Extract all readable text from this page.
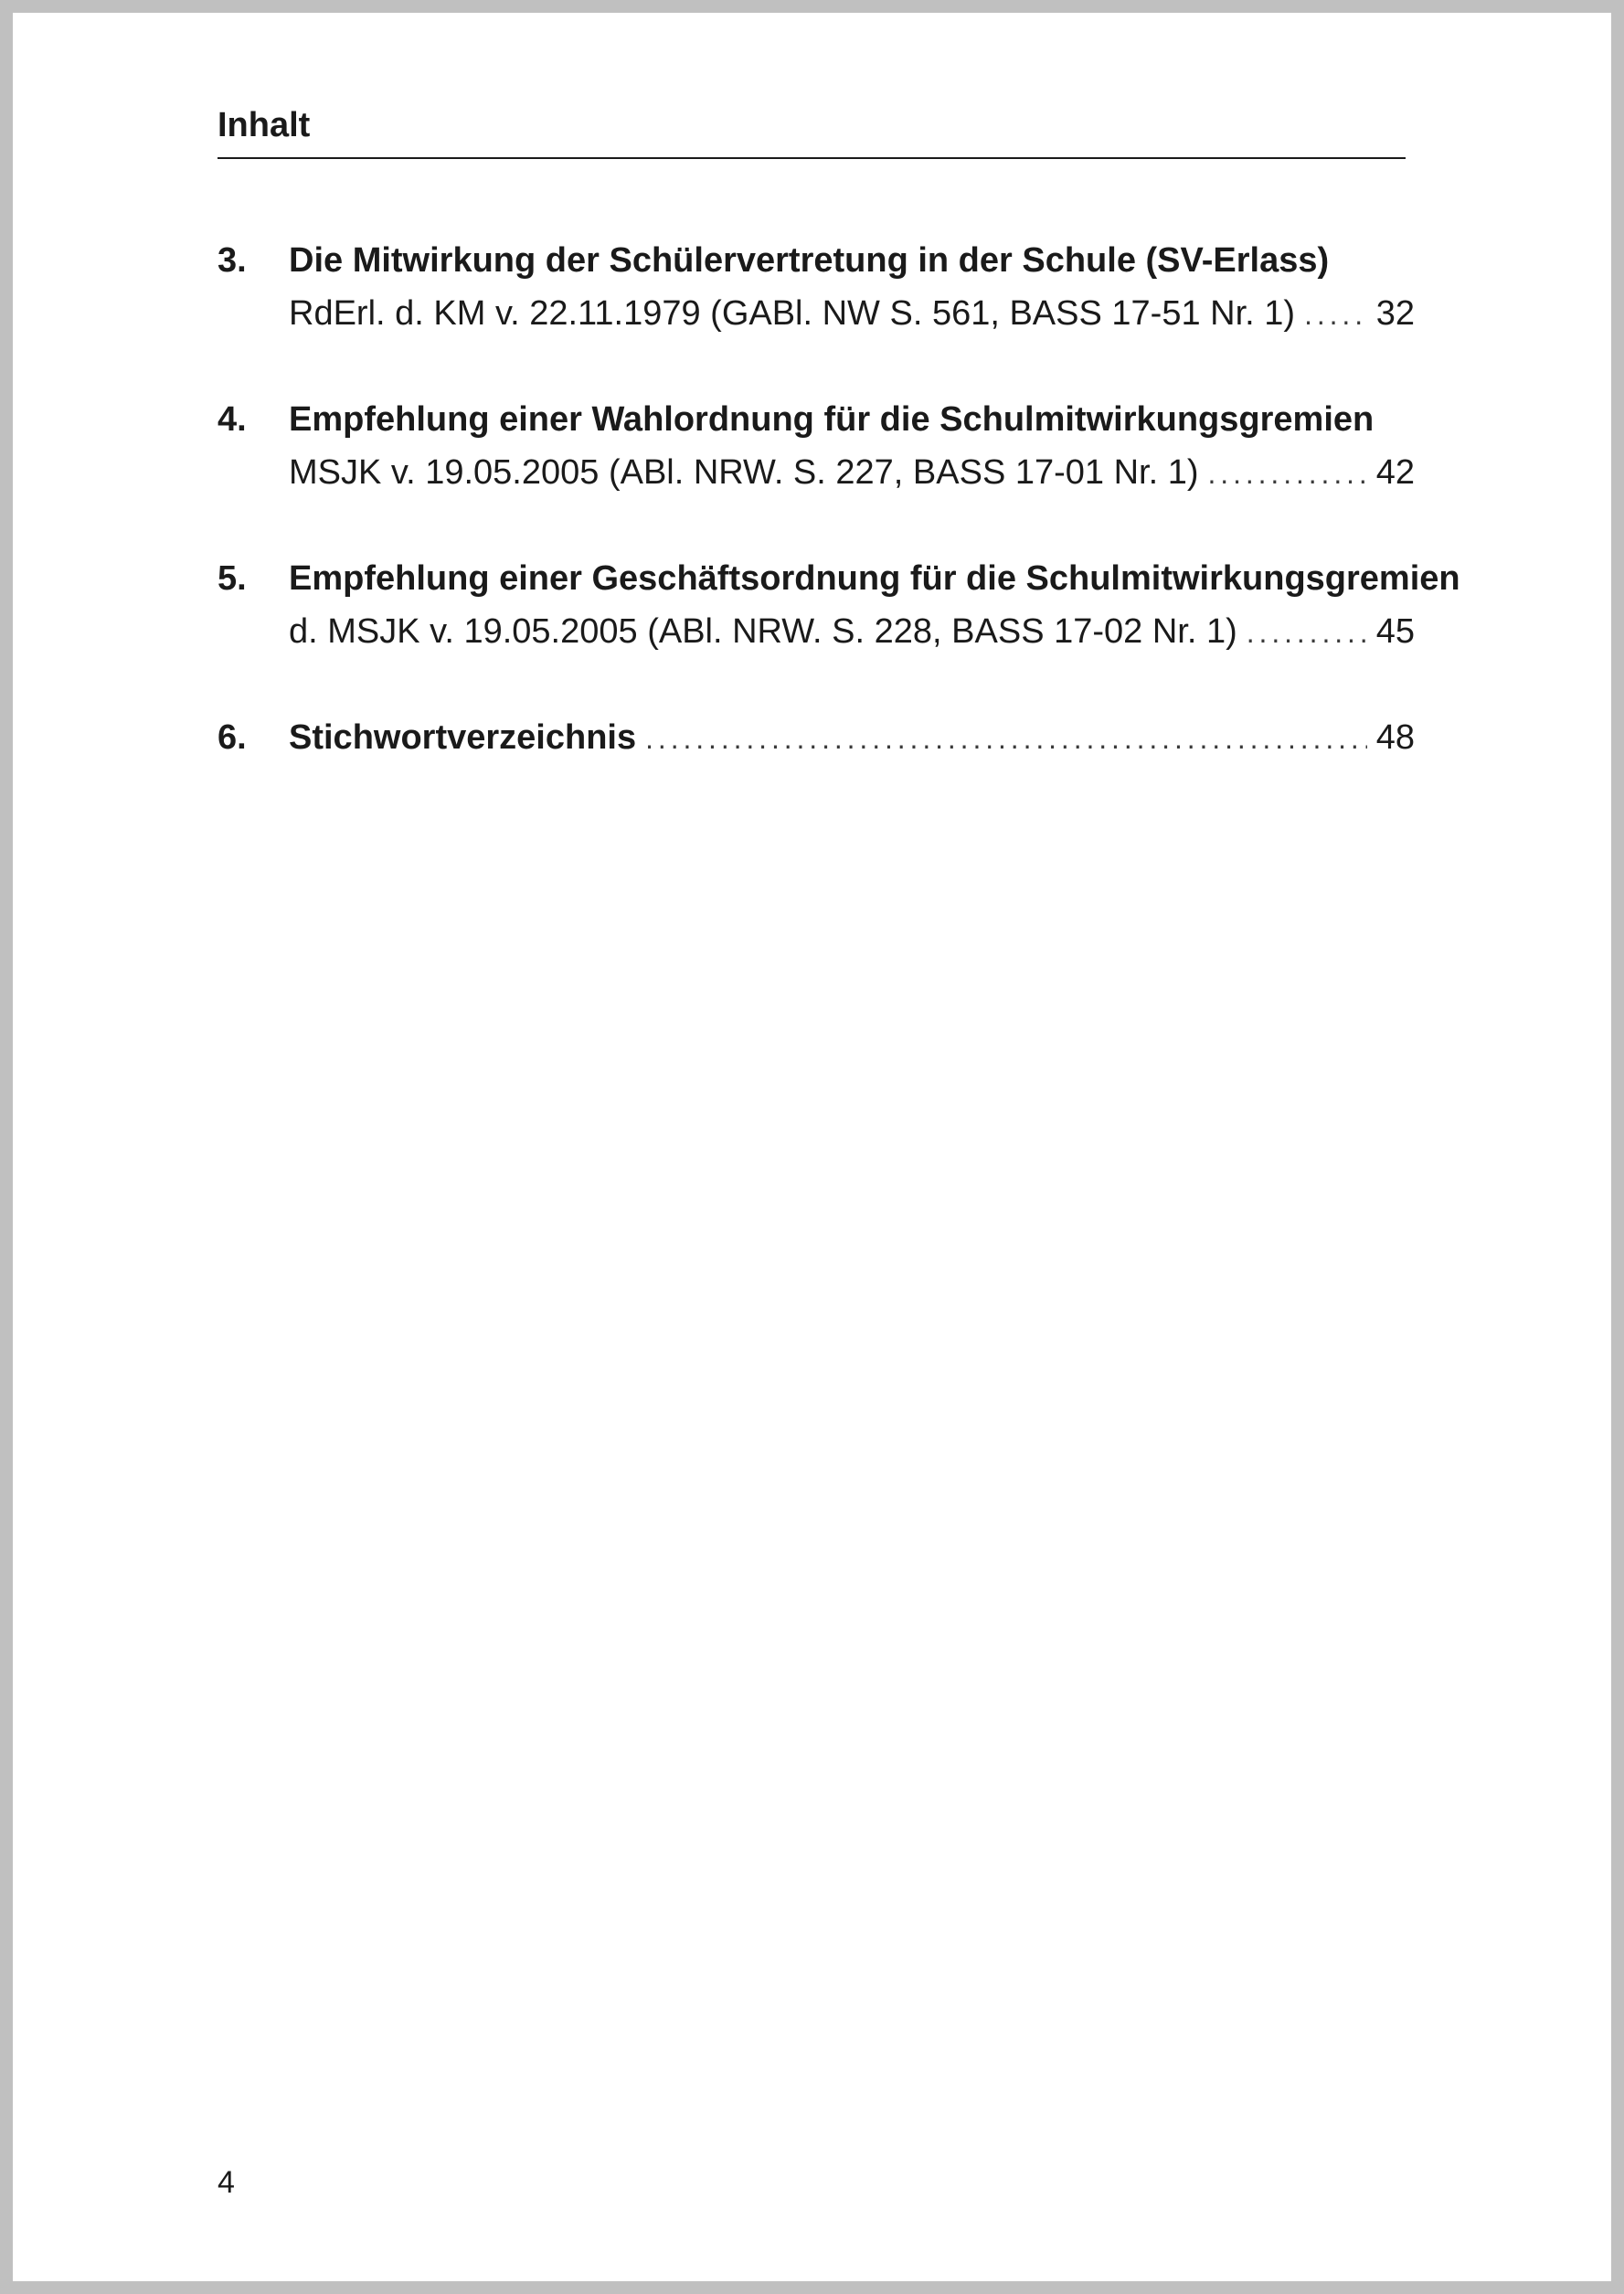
Inhalt
3.	Die Mitwirkung der Schülervertretung in der Schule (SV-Erlass)
RdErl. d. KM v. 22.11.1979 (GABl. NW S. 561, BASS 17-51 Nr. 1) . . . 32
4.	Empfehlung einer Wahlordnung für die Schulmitwirkungsgremien
MSJK v. 19.05.2005 (ABl. NRW. S. 227, BASS 17-01 Nr. 1) . . .	42
5.	Empfehlung einer Geschäftsordnung für die Schulmitwirkungsgremien
d. MSJK v. 19.05.2005 (ABl. NRW. S. 228, BASS 17-02 Nr. 1) . . .	45
6.	Stichwortverzeichnis . . .	48
4
